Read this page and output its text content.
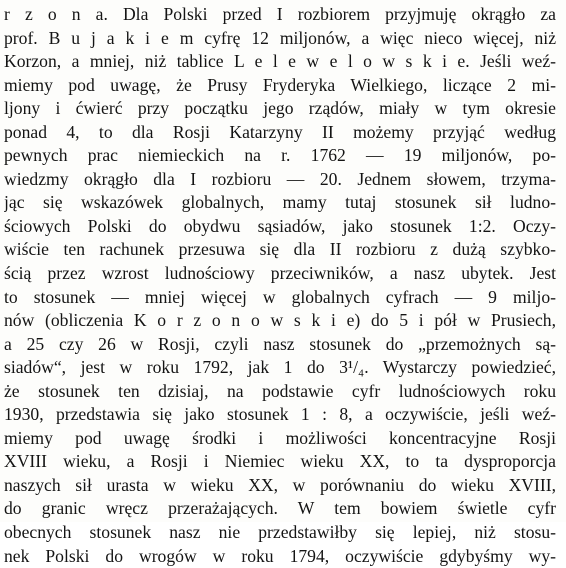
r z o n a. Dla Polski przed I rozbiorem przyjmuję okrągło za
prof. B u j a k i e m cyfrę 12 miljonów, a więc nieco więcej, niż
Korzon, a mniej, niż tablice L e l e w e l o w s k i e. Jeśli weź-
miemy pod uwagę, że Prusy Fryderyka Wielkiego, liczące 2 mi-
ljony i ćwierć przy początku jego rządów, miały w tym okresie
ponad 4, to dla Rosji Katarzyny II możemy przyjąć według
pewnych prac niemieckich na r. 1762 — 19 miljonów, po-
wiedzmy okrągło dla I rozbioru — 20. Jednem słowem, trzyma-
jąc się wskazówek globalnych, mamy tutaj stosunek sił ludno-
ściowych Polski do obydwu sąsiadów, jako stosunek 1:2. Oczy-
wiście ten rachunek przesuwa się dla II rozbioru z dużą szybko-
ścią przez wzrost ludnościowy przeciwników, a nasz ubytek. Jest
to stosunek — mniej więcej w globalnych cyfrach — 9 miljo-
nów (obliczenia K o r z o n o w s k i e) do 5 i pół w Prusiech,
a 25 czy 26 w Rosji, czyli nasz stosunek do „przemożnych są-
siadów“, jest w roku 1792, jak 1 do 3¹/₄. Wystarczy powiedzieć,
że stosunek ten dzisiaj, na podstawie cyfr ludnościowych roku
1930, przedstawia się jako stosunek 1 : 8, a oczywiście, jeśli weź-
miemy pod uwagę środki i możliwości koncentracyjne Rosji
XVIII wieku, a Rosji i Niemiec wieku XX, to ta dysproporcja
naszych sił urasta w wieku XX, w porównaniu do wieku XVIII,
do granic wręcz przerażających. W tem bowiem świetle cyfr
obecnych stosunek nasz nie przedstawiłby się lepiej, niż stosu-
nek Polski do wrogów w roku 1794, oczywiście gdybyśmy wy-
